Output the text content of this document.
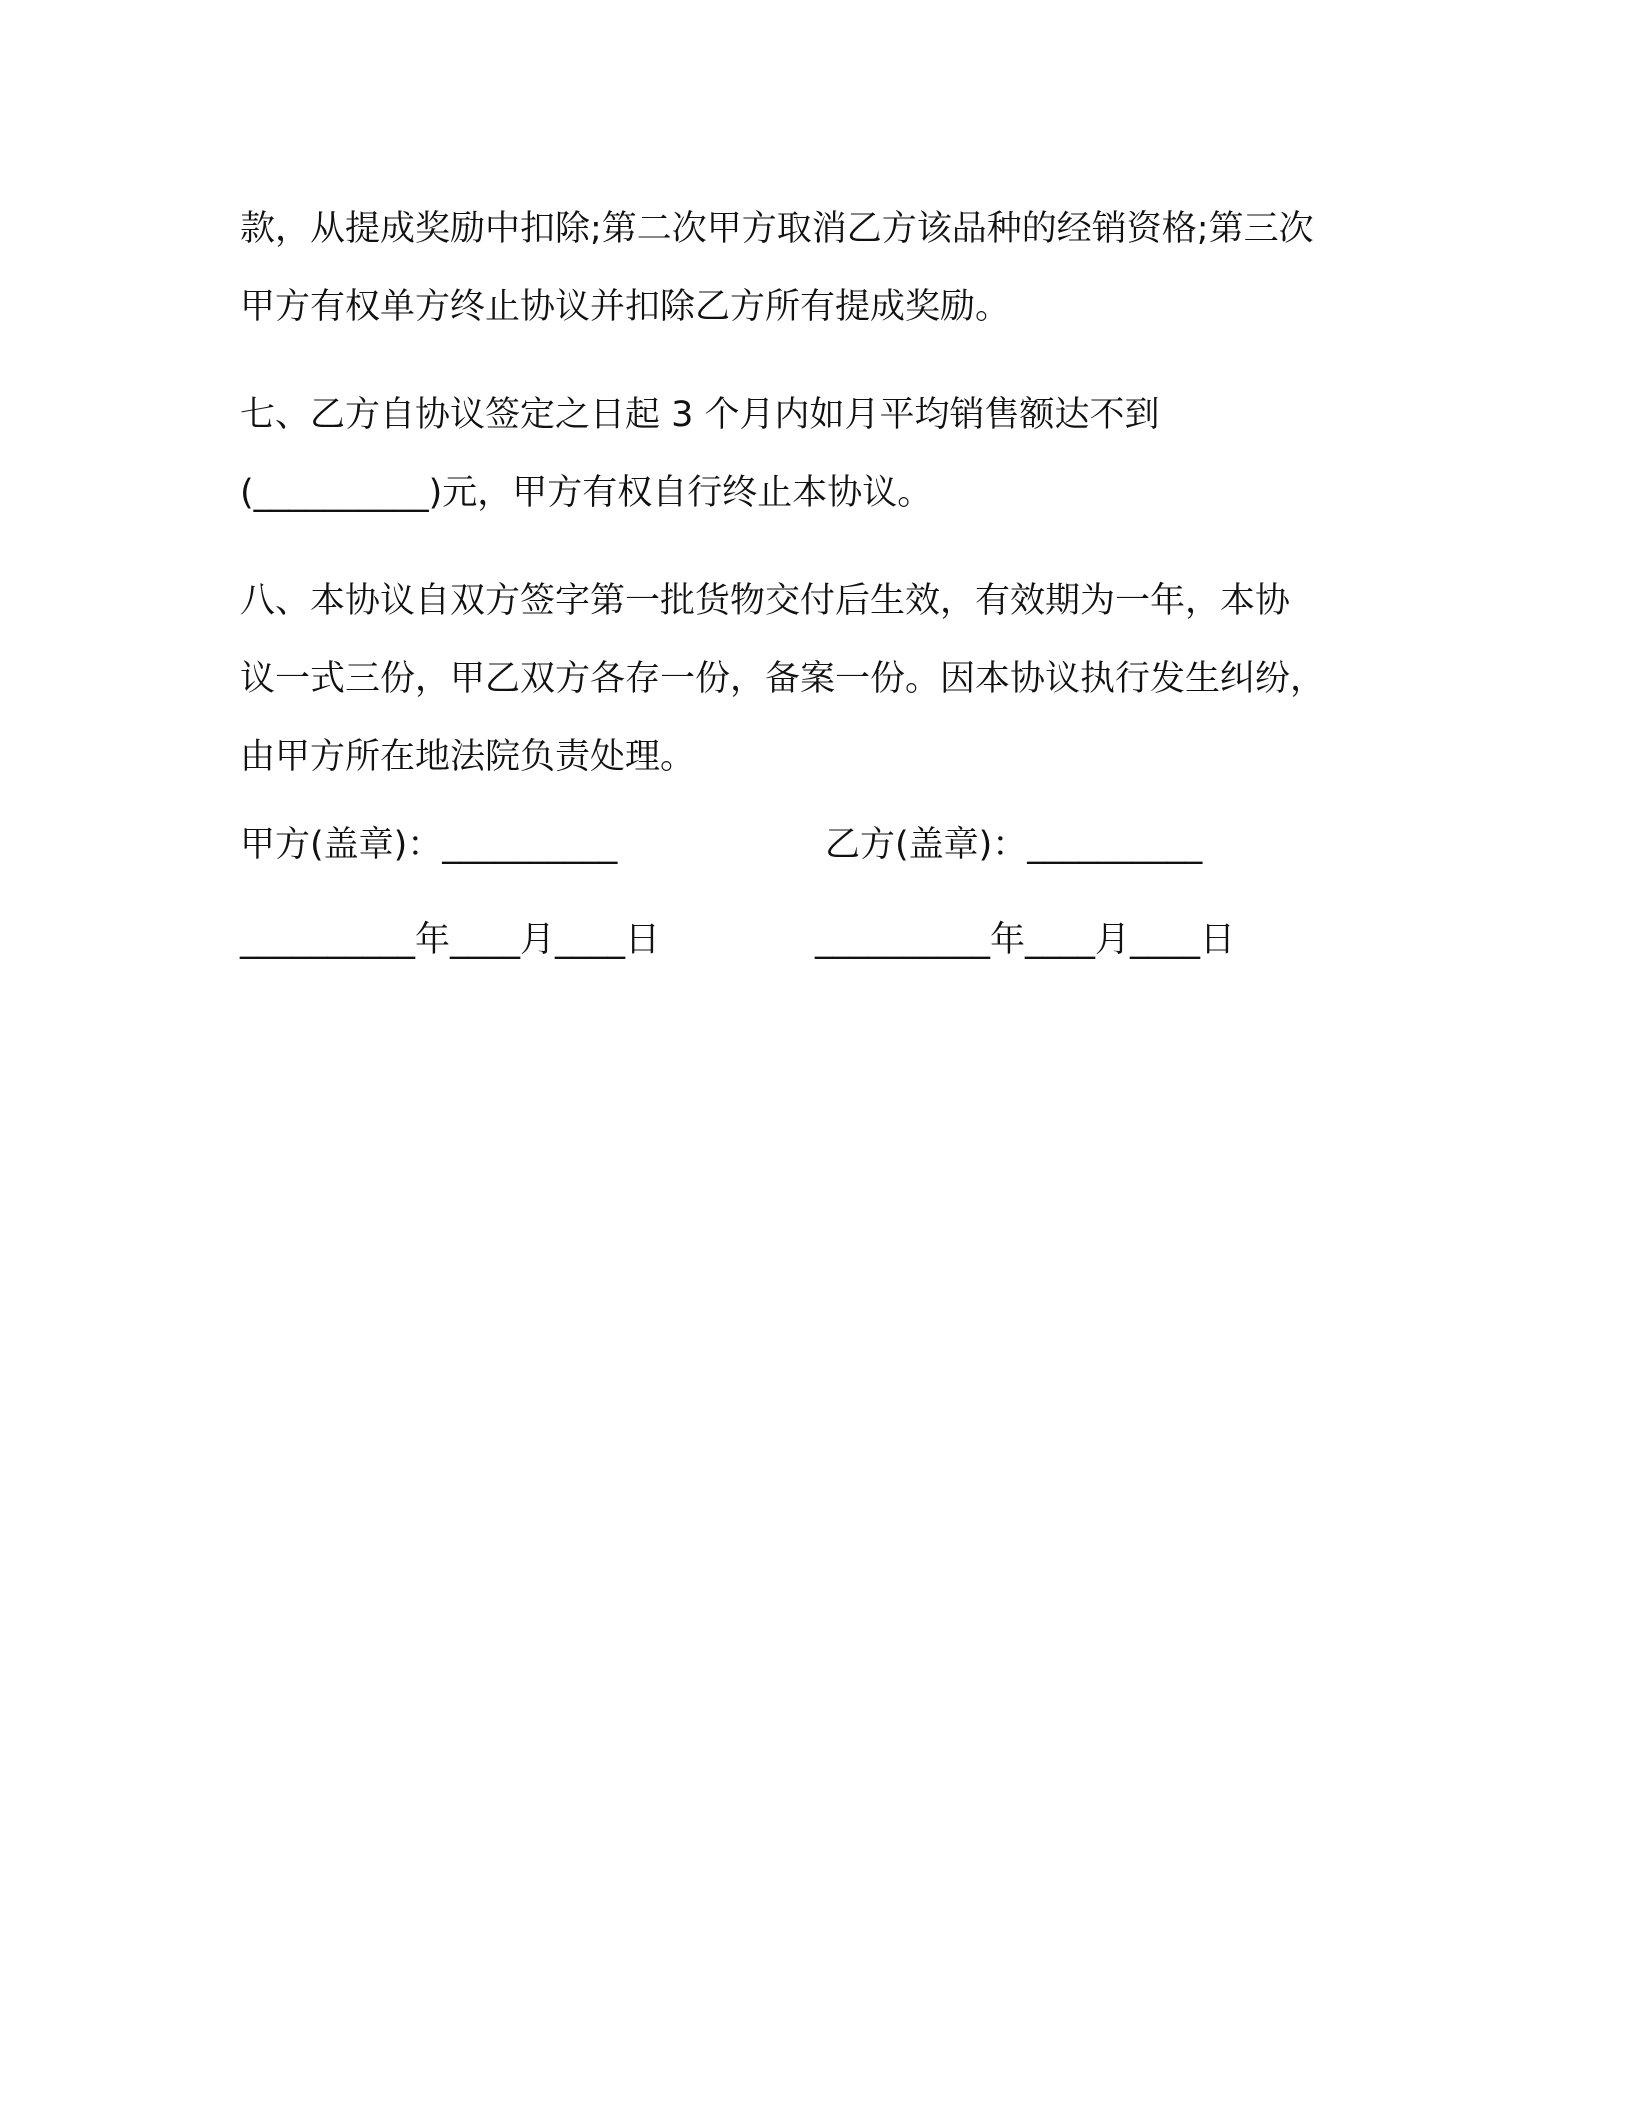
款，从提成奖励中扣除;第二次甲方取消乙方该品种的经销资格;第三次
甲方有权单方终止协议并扣除乙方所有提成奖励。

七、乙方自协议签定之日起 3 个月内如月平均销售额达不到
(__________)元，甲方有权自行终止本协议。

八、本协议自双方签字第一批货物交付后生效，有效期为一年，本协
议一式三份，甲乙双方各存一份，备案一份。因本协议执行发生纠纷，
由甲方所在地法院负责处理。

甲方(盖章)：__________	乙方(盖章)：__________
__________年____月____日	__________年____月____日
